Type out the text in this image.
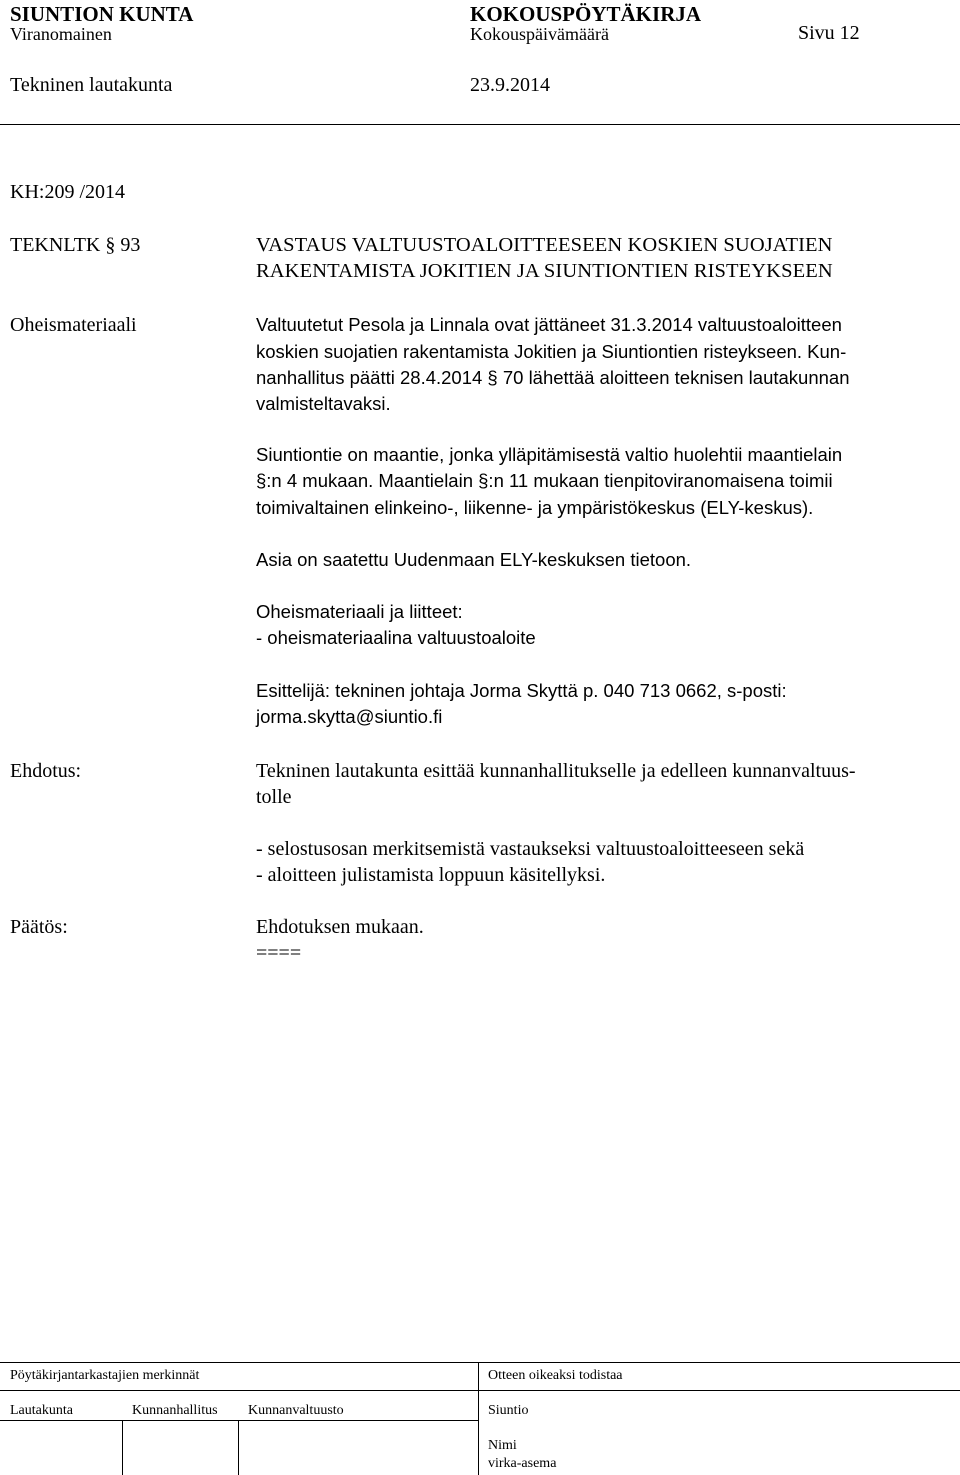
SIUNTION KUNTA	KOKOUSPÖYTÄKIRJA
Viranomainen	Kokouspäivämäärä	Sivu 12
Tekninen lautakunta	23.9.2014
KH:209 /2014
TEKNLTK § 93	VASTAUS VALTUUSTOALOITTEESEEN KOSKIEN SUOJATIEN
RAKENTAMISTA JOKITIEN JA SIUNTIONTIEN RISTEYKSEEN
Oheismateriaali	Valtuutetut Pesola ja Linnala ovat jättäneet 31.3.2014 valtuustoaloitteen
koskien suojatien rakentamista Jokitien ja Siuntiontien risteykseen. Kun-
nanhallitus päätti 28.4.2014 § 70 lähettää aloitteen teknisen lautakunnan
valmisteltavaksi.
Siuntiontie on maantie, jonka ylläpitämisestä valtio huolehtii maantielain
§:n 4 mukaan. Maantielain §:n 11 mukaan tienpitoviranomaisena toimii
toimivaltainen elinkeino-, liikenne- ja ympäristökeskus (ELY-keskus).
Asia on saatettu Uudenmaan ELY-keskuksen tietoon.
Oheismateriaali ja liitteet:
- oheismateriaalina valtuustoaloite
Esittelijä: tekninen johtaja Jorma Skyttä p. 040 713 0662, s-posti:
jorma.skytta@siuntio.fi
Ehdotus:	Tekninen lautakunta esittää kunnanhallitukselle ja edelleen kunnanvaltuus-
tolle
- selostusosan merkitsemistä vastaukseksi valtuustoaloitteeseen sekä
- aloitteen julistamista loppuun käsitellyksi.
Päätös:	Ehdotuksen mukaan.
====
Pöytäkirjantarkastajien merkinnät	Otteen oikeaksi todistaa
Lautakunta	Kunnanhallitus Kunnanvaltuusto	Siuntio
Nimi
virka-asema
